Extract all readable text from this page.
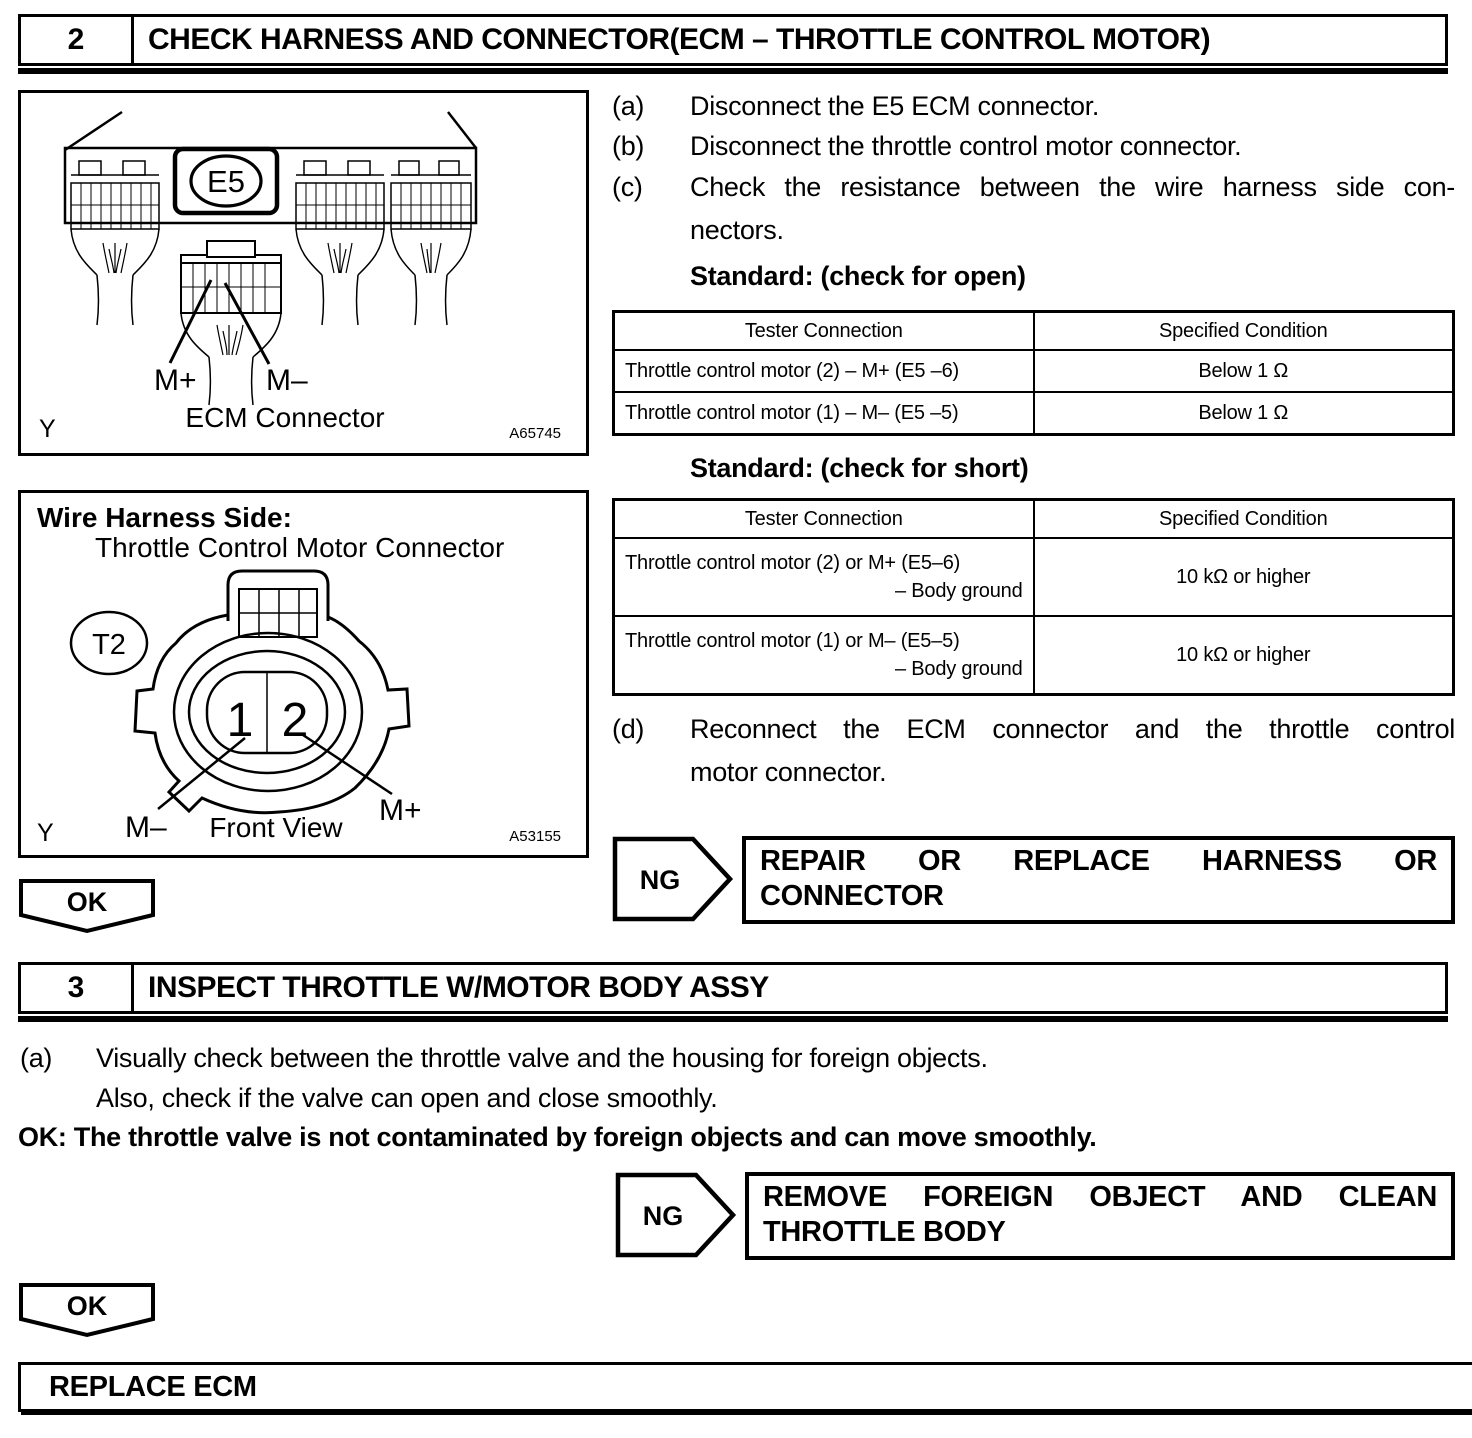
2	CHECK HARNESS AND CONNECTOR(ECM – THROTTLE CONTROL MOTOR)
E5
M+ M–
ECM Connector
Y	A65745
Wire Harness Side:
Throttle Control Motor Connector
T2
1 2
M–
M+
Front View
Y	A53155
(a)	Disconnect the E5 ECM connector.
(b)	Disconnect the throttle control motor connector.
(c)	Check the resistance between the wire harness side con-
nectors.
Standard: (check for open)
Tester Connection	Specified Condition
Throttle control motor (2) – M+ (E5 –6)	Below 1 Ω
Throttle control motor (1) – M– (E5 –5)	Below 1 Ω
Standard: (check for short)
Tester Connection	Specified Condition

Throttle control motor (2) or M+ (E5–6)
– Body ground	10 kΩ or higher

Throttle control motor (1) or M– (E5–5)
– Body ground	10 kΩ or higher
(d)	Reconnect the ECM connector and the throttle control
motor connector.
NG
REPAIR OR REPLACE HARNESS OR
CONNECTOR
OK
3	INSPECT THROTTLE W/MOTOR BODY ASSY
(a)	Visually check between the throttle valve and the housing for foreign objects.
Also, check if the valve can open and close smoothly.
OK: The throttle valve is not contaminated by foreign objects and can move smoothly.
NG
REMOVE FOREIGN OBJECT AND CLEAN
THROTTLE BODY
OK
REPLACE ECM
